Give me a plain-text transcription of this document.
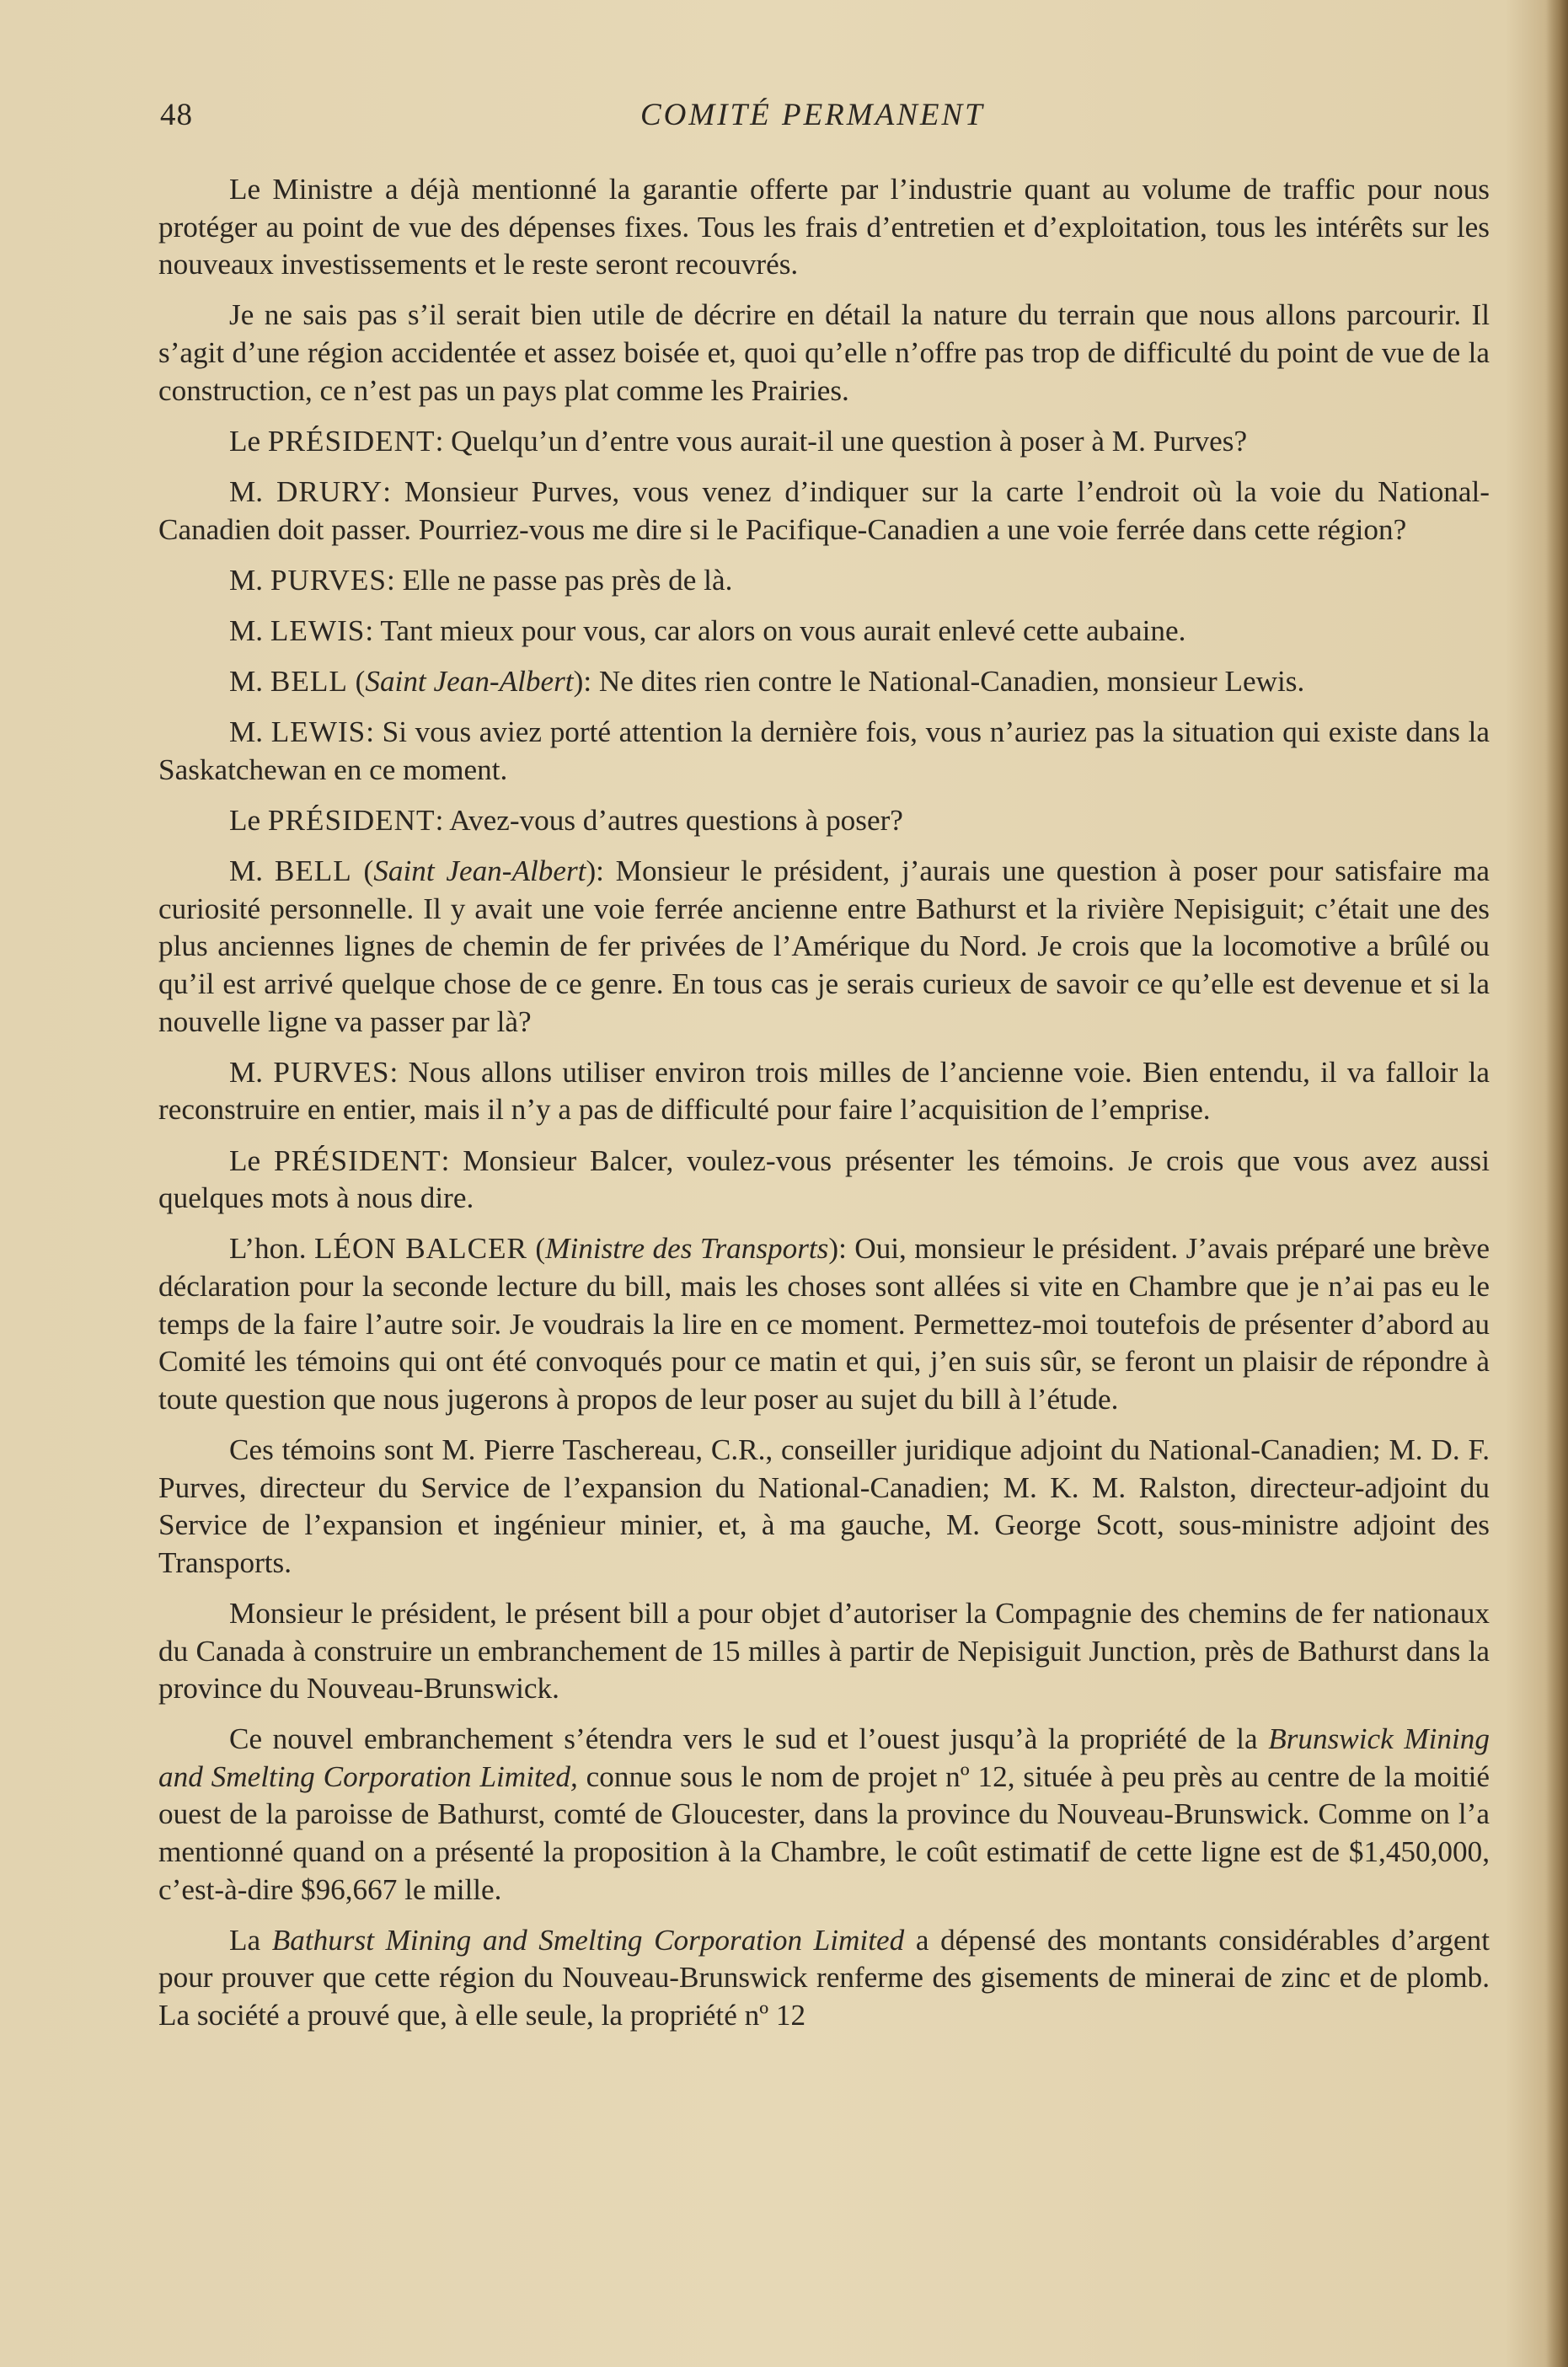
48	COMITÉ PERMANENT

Le Ministre a déjà mentionné la garantie offerte par l’industrie quant au volume de traffic pour nous protéger au point de vue des dépenses fixes. Tous les frais d’entretien et d’exploitation, tous les intérêts sur les nouveaux investissements et le reste seront recouvrés.

Je ne sais pas s’il serait bien utile de décrire en détail la nature du terrain que nous allons parcourir. Il s’agit d’une région accidentée et assez boisée et, quoi qu’elle n’offre pas trop de difficulté du point de vue de la construction, ce n’est pas un pays plat comme les Prairies.

Le PRÉSIDENT: Quelqu’un d’entre vous aurait-il une question à poser à M. Purves?

M. DRURY: Monsieur Purves, vous venez d’indiquer sur la carte l’endroit où la voie du National-Canadien doit passer. Pourriez-vous me dire si le Pacifique-Canadien a une voie ferrée dans cette région?

M. PURVES: Elle ne passe pas près de là.

M. LEWIS: Tant mieux pour vous, car alors on vous aurait enlevé cette aubaine.

M. BELL (Saint Jean-Albert): Ne dites rien contre le National-Canadien, monsieur Lewis.

M. LEWIS: Si vous aviez porté attention la dernière fois, vous n’auriez pas la situation qui existe dans la Saskatchewan en ce moment.

Le PRÉSIDENT: Avez-vous d’autres questions à poser?

M. BELL (Saint Jean-Albert): Monsieur le président, j’aurais une question à poser pour satisfaire ma curiosité personnelle. Il y avait une voie ferrée ancienne entre Bathurst et la rivière Nepisiguit; c’était une des plus anciennes lignes de chemin de fer privées de l’Amérique du Nord. Je crois que la locomotive a brûlé ou qu’il est arrivé quelque chose de ce genre. En tous cas je serais curieux de savoir ce qu’elle est devenue et si la nouvelle ligne va passer par là?

M. PURVES: Nous allons utiliser environ trois milles de l’ancienne voie. Bien entendu, il va falloir la reconstruire en entier, mais il n’y a pas de difficulté pour faire l’acquisition de l’emprise.

Le PRÉSIDENT: Monsieur Balcer, voulez-vous présenter les témoins. Je crois que vous avez aussi quelques mots à nous dire.

L’hon. LÉON BALCER (Ministre des Transports): Oui, monsieur le président. J’avais préparé une brève déclaration pour la seconde lecture du bill, mais les choses sont allées si vite en Chambre que je n’ai pas eu le temps de la faire l’autre soir. Je voudrais la lire en ce moment. Permettez-moi toutefois de présenter d’abord au Comité les témoins qui ont été convoqués pour ce matin et qui, j’en suis sûr, se feront un plaisir de répondre à toute question que nous jugerons à propos de leur poser au sujet du bill à l’étude.

Ces témoins sont M. Pierre Taschereau, C.R., conseiller juridique adjoint du National-Canadien; M. D. F. Purves, directeur du Service de l’expansion du National-Canadien; M. K. M. Ralston, directeur-adjoint du Service de l’expansion et ingénieur minier, et, à ma gauche, M. George Scott, sous-ministre adjoint des Transports.

Monsieur le président, le présent bill a pour objet d’autoriser la Compagnie des chemins de fer nationaux du Canada à construire un embranchement de 15 milles à partir de Nepisiguit Junction, près de Bathurst dans la province du Nouveau-Brunswick.

Ce nouvel embranchement s’étendra vers le sud et l’ouest jusqu’à la propriété de la Brunswick Mining and Smelting Corporation Limited, connue sous le nom de projet nº 12, située à peu près au centre de la moitié ouest de la paroisse de Bathurst, comté de Gloucester, dans la province du Nouveau-Brunswick. Comme on l’a mentionné quand on a présenté la proposition à la Chambre, le coût estimatif de cette ligne est de $1,450,000, c’est-à-dire $96,667 le mille.

La Bathurst Mining and Smelting Corporation Limited a dépensé des montants considérables d’argent pour prouver que cette région du Nouveau-Brunswick renferme des gisements de minerai de zinc et de plomb. La société a prouvé que, à elle seule, la propriété nº 12
